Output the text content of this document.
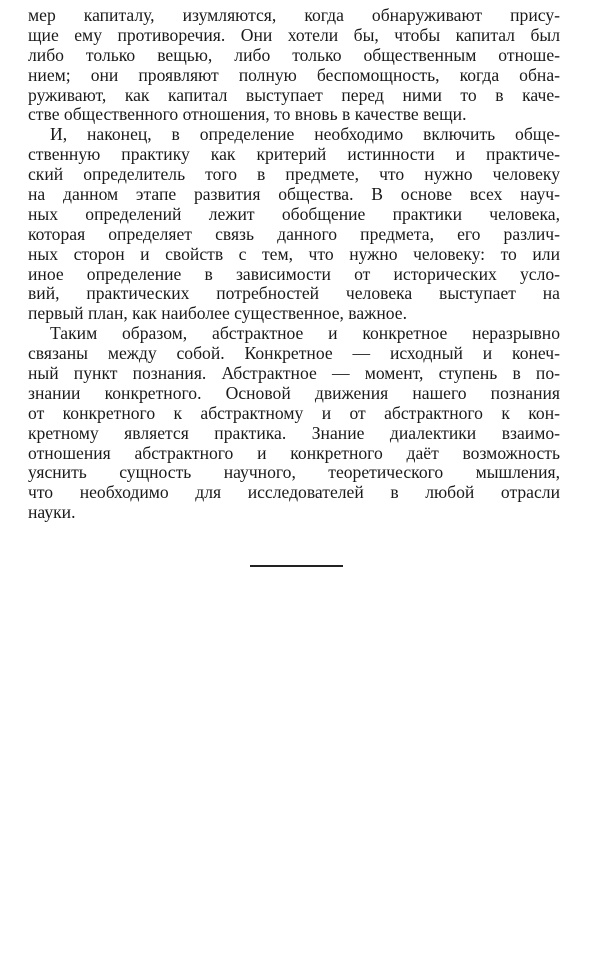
мер капиталу, изумляются, когда обнаруживают прису-
щие ему противоречия. Они хотели бы, чтобы капитал был
либо только вещью, либо только общественным отноше-
нием; они проявляют полную беспомощность, когда обна-
руживают, как капитал выступает перед ними то в каче-
стве общественного отношения, то вновь в качестве вещи.
И, наконец, в определение необходимо включить обще-
ственную практику как критерий истинности и практиче-
ский определитель того в предмете, что нужно человеку
на данном этапе развития общества. В основе всех науч-
ных определений лежит обобщение практики человека,
которая определяет связь данного предмета, его различ-
ных сторон и свойств с тем, что нужно человеку: то или
иное определение в зависимости от исторических усло-
вий, практических потребностей человека выступает на
первый план, как наиболее существенное, важное.
Таким образом, абстрактное и конкретное неразрывно
связаны между собой. Конкретное — исходный и конеч-
ный пункт познания. Абстрактное — момент, ступень в по-
знании конкретного. Основой движения нашего познания
от конкретного к абстрактному и от абстрактного к кон-
кретному является практика. Знание диалектики взаимо-
отношения абстрактного и конкретного даёт возможность
уяснить сущность научного, теоретического мышления,
что необходимо для исследователей в любой отрасли
науки.
